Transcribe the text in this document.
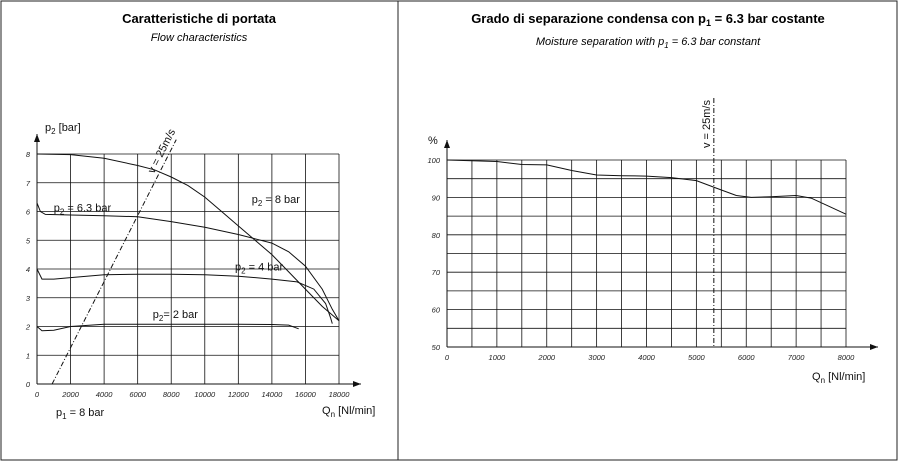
Caratteristiche di portata
Flow characteristics
0	2000 4000 6000 8000 10000 12000 14000 16000 18000
0
1
2
3
4
5
6
7
8
$p_2 = 8$ bar
$p_2 = 6.3$ bar
$p_2 = 4$ bar
$p_2= 2$ bar
v = 25m/s
$p_2$ [bar]
$Q_n$ [Nl/min]
$p_1 = 8$ bar
Grado di separazione condensa con $p_1 = 6.3$ bar costante
Moisture separation with $p_1 = 6.3$ bar constant
0	1000	2000	3000	4000	5000	6000	7000	8000
50
60
70
80
90
100
v = 25m/s
%
$Q_n$ [Nl/min]
